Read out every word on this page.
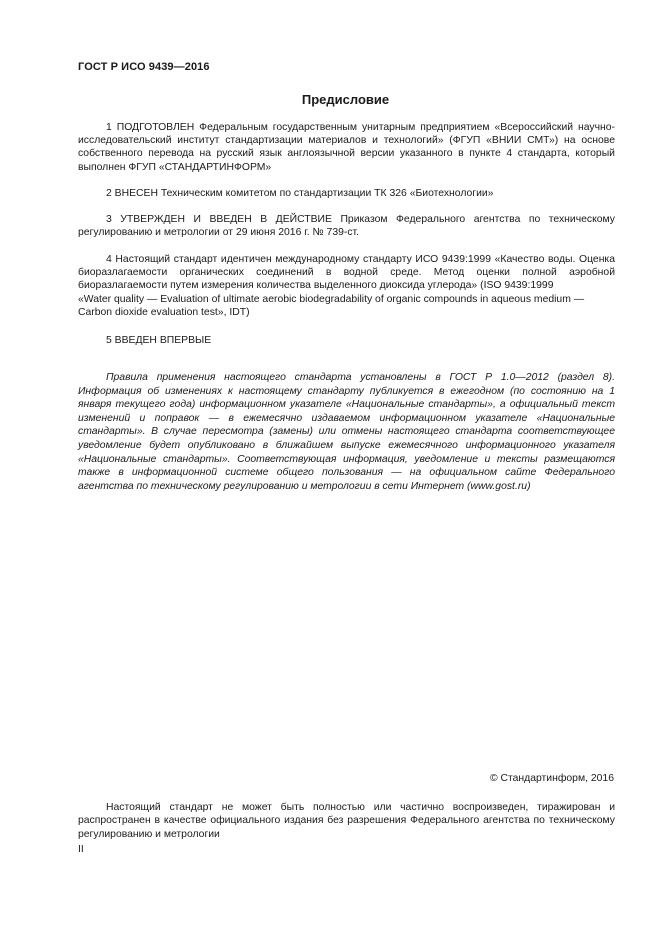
ГОСТ Р ИСО 9439—2016
Предисловие

1 ПОДГОТОВЛЕН Федеральным государственным унитарным предприятием «Всероссийский научно-исследовательский институт стандартизации материалов и технологий» (ФГУП «ВНИИ СМТ») на основе собственного перевода на русский язык англоязычной версии указанного в пункте 4 стандарта, который выполнен ФГУП «СТАНДАРТИНФОРМ»

2 ВНЕСЕН Техническим комитетом по стандартизации ТК 326 «Биотехнологии»

3 УТВЕРЖДЕН И ВВЕДЕН В ДЕЙСТВИЕ Приказом Федерального агентства по техническому регулированию и метрологии от 29 июня 2016 г. № 739-ст.

4 Настоящий стандарт идентичен международному стандарту ИСО 9439:1999 «Качество воды. Оценка биоразлагаемости органических соединений в водной среде. Метод оценки полной аэробной биоразлагаемости путем измерения количества выделенного диоксида углерода» (ISO 9439:1999

«Water quality — Evaluation of ultimate aerobic biodegradability of organic compounds in aqueous medium — Carbon dioxide evaluation test», IDT)

5 ВВЕДЕН ВПЕРВЫЕ

Правила применения настоящего стандарта установлены в ГОСТ Р 1.0—2012 (раздел 8). Информация об изменениях к настоящему стандарту публикуется в ежегодном (по состоянию на 1 января текущего года) информационном указателе «Национальные стандарты», а официальный текст изменений и поправок — в ежемесячно издаваемом информационном указателе «Национальные стандарты». В случае пересмотра (замены) или отмены настоящего стандарта соответствующее уведомление будет опубликовано в ближайшем выпуске ежемесячного информационного указателя «Национальные стандарты». Соответствующая информация, уведомление и тексты размещаются также в информационной системе общего пользования — на официальном сайте Федерального агентства по техническому регулированию и метрологии в сети Интернет (www.gost.ru)

© Стандартинформ, 2016

Настоящий стандарт не может быть полностью или частично воспроизведен, тиражирован и распространен в качестве официального издания без разрешения Федерального агентства по техническому регулированию и метрологии

II
